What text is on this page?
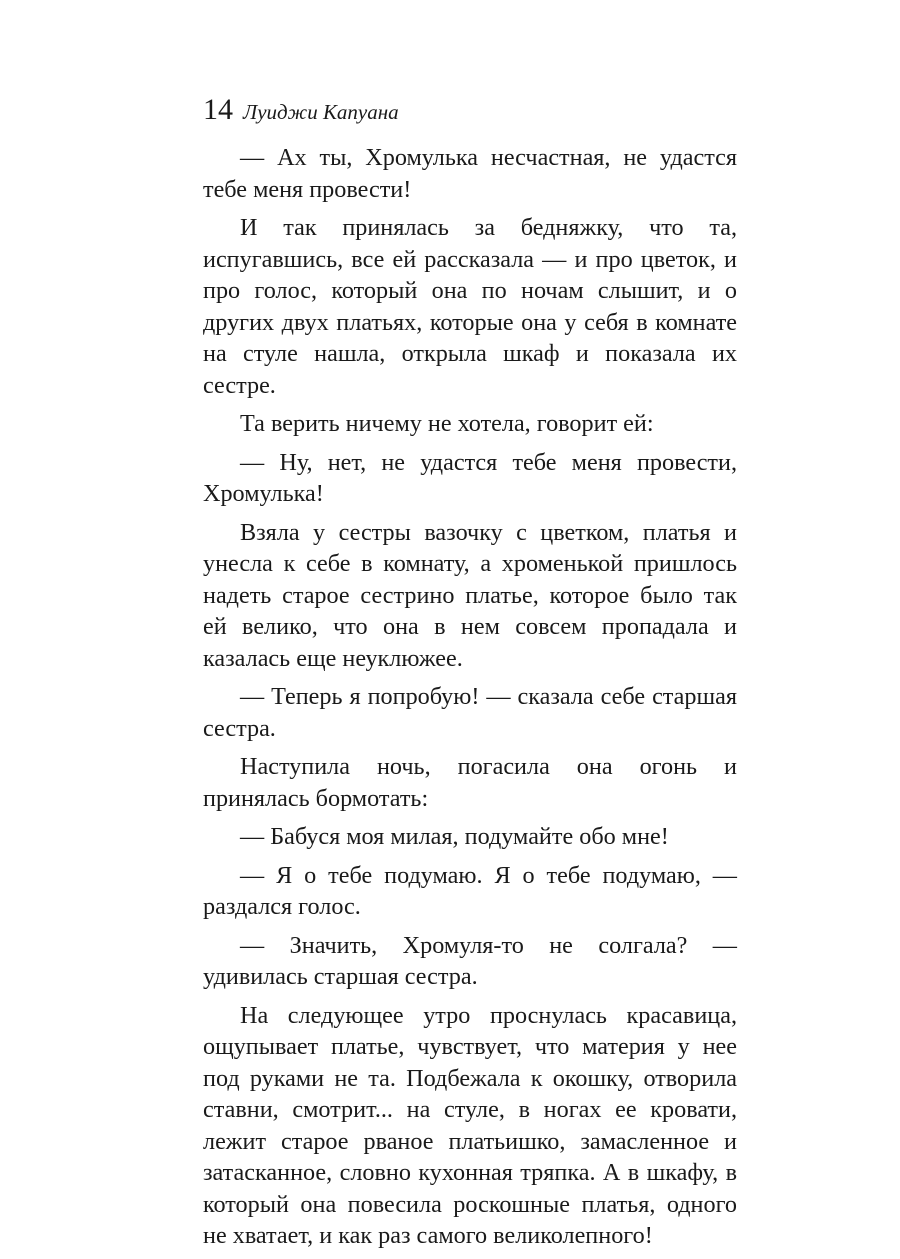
14 Луиджи Капуана

— Ах ты, Хромулька несчастная, не удастся тебе меня провести!

И так принялась за бедняжку, что та, испугавшись, все ей рассказала — и про цветок, и про голос, который она по ночам слышит, и о других двух платьях, которые она у себя в комнате на стуле нашла, открыла шкаф и показала их сестре.

Та верить ничему не хотела, говорит ей:

— Ну, нет, не удастся тебе меня провести, Хромулька!

Взяла у сестры вазочку с цветком, платья и унесла к себе в комнату, а хроменькой пришлось надеть старое сестрино платье, которое было так ей велико, что она в нем совсем пропадала и казалась еще неуклюжее.

— Теперь я попробую! — сказала себе старшая сестра.

Наступила ночь, погасила она огонь и принялась бормотать:

— Бабуся моя милая, подумайте обо мне!

— Я о тебе подумаю. Я о тебе подумаю, — раздался голос.

— Значить, Хромуля-то не солгала? — удивилась старшая сестра.

На следующее утро проснулась красавица, ощупывает платье, чувствует, что материя у нее под руками не та. Подбежала к окошку, отворила ставни, смотрит... на стуле, в ногах ее кровати, лежит старое рваное платьишко, замасленное и затасканное, словно кухонная тряпка. А в шкафу, в который она повесила роскошные платья, одного не хватает, и как раз самого великолепного!
